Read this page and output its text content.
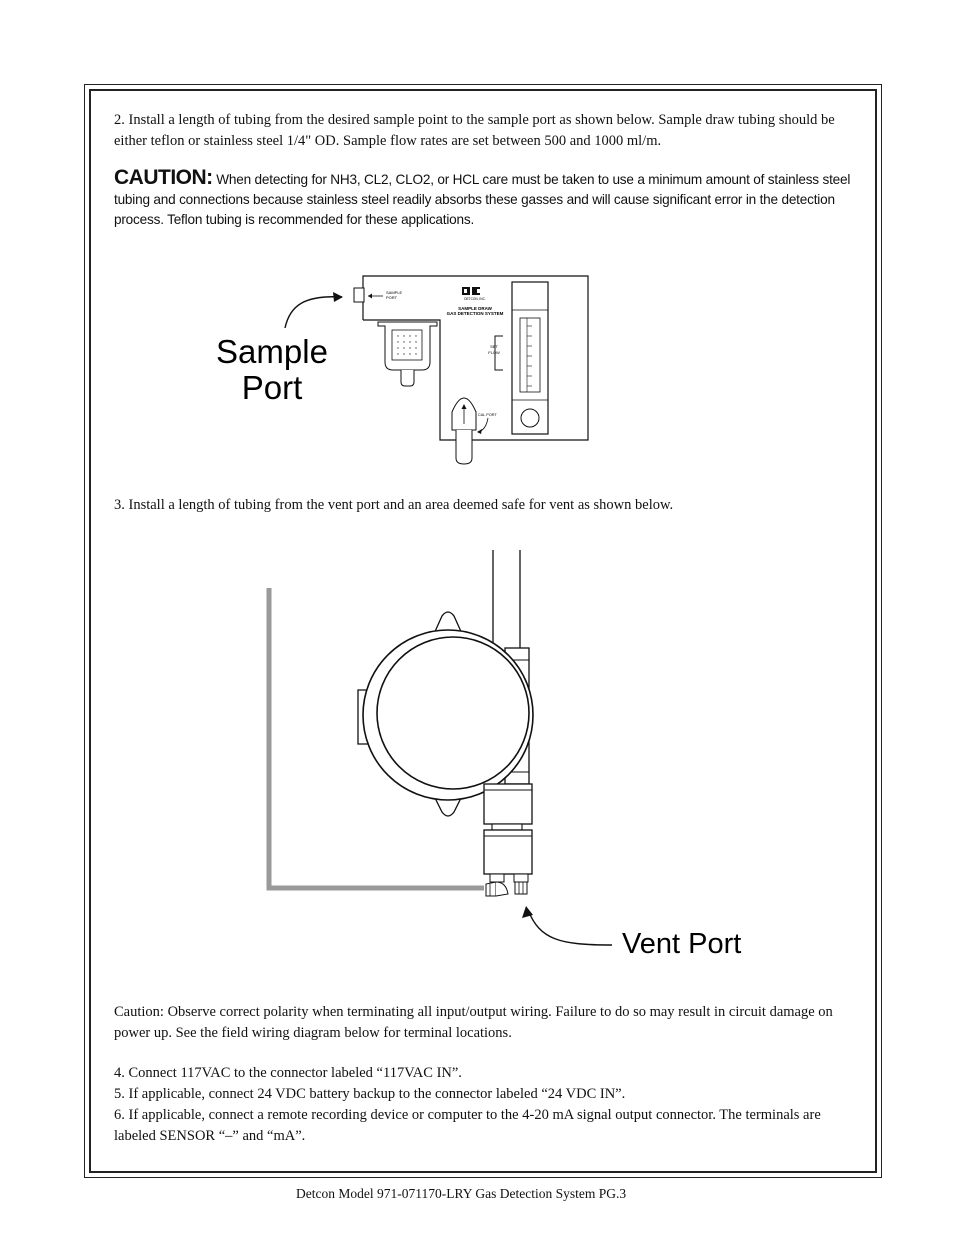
2. Install a length of tubing from the desired sample point to the sample port as shown below. Sample draw tubing should be either teflon or stainless steel 1/4" OD. Sample flow rates are set between 500 and 1000 ml/m.
CAUTION: When detecting for NH3, CL2, CLO2, or HCL care must be taken to use a minimum amount of stainless steel tubing and connections because stainless steel readily absorbs these gasses and will cause significant error in the detection process. Teflon tubing is recommended for these applications.
Sample
Port
SAMPLE
PORT	DETCON, INC.
SAMPLE DRAW
GAS DETECTION SYSTEM
SET
FLOW
CAL PORT
3. Install a length of tubing from the vent port and an area deemed safe for vent as shown below.
Vent Port
Caution: Observe correct polarity when terminating all input/output wiring. Failure to do so may result in circuit damage on power up. See the field wiring diagram below for terminal locations.
4. Connect 117VAC to the connector labeled “117VAC IN”.
5. If applicable, connect 24 VDC battery backup to the connector labeled “24 VDC IN”.
6. If applicable, connect a remote recording device or computer to the 4-20 mA signal output connector. The terminals are labeled SENSOR “–” and “mA”.
Detcon Model 971-071170-LRY Gas Detection System PG.3
